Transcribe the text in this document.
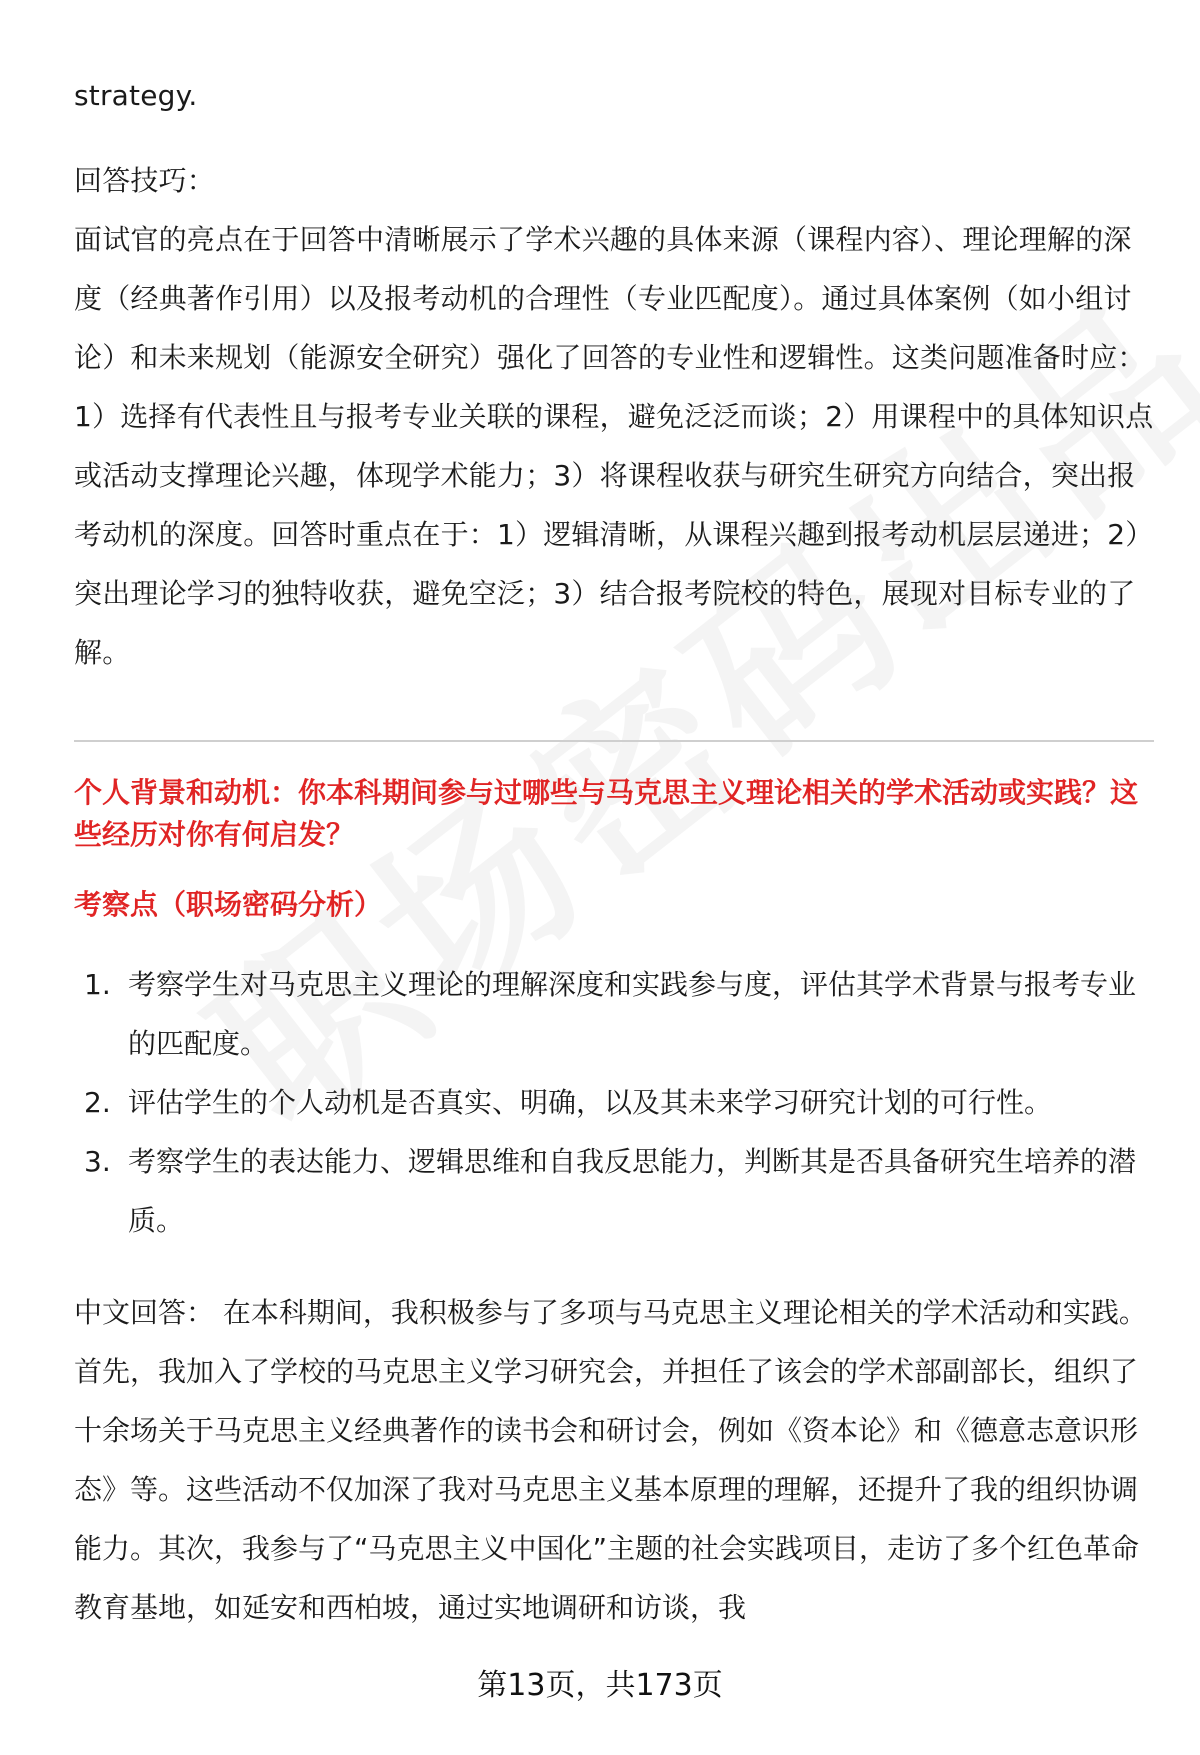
strategy.

回答技巧：

面试官的亮点在于回答中清晰展示了学术兴趣的具体来源（课程内容）、理论理解的深度（经典著作引用）以及报考动机的合理性（专业匹配度）。通过具体案例（如小组讨论）和未来规划（能源安全研究）强化了回答的专业性和逻辑性。这类问题准备时应：1）选择有代表性且与报考专业关联的课程，避免泛泛而谈；2）用课程中的具体知识点或活动支撑理论兴趣，体现学术能力；3）将课程收获与研究生研究方向结合，突出报考动机的深度。回答时重点在于：1）逻辑清晰，从课程兴趣到报考动机层层递进；2）突出理论学习的独特收获，避免空泛；3）结合报考院校的特色，展现对目标专业的了解。

个人背景和动机：你本科期间参与过哪些与马克思主义理论相关的学术活动或实践？这些经历对你有何启发？

考察点（职场密码分析）

1. 考察学生对马克思主义理论的理解深度和实践参与度，评估其学术背景与报考专业的匹配度。
2. 评估学生的个人动机是否真实、明确，以及其未来学习研究计划的可行性。
3. 考察学生的表达能力、逻辑思维和自我反思能力，判断其是否具备研究生培养的潜质。

中文回答： 在本科期间，我积极参与了多项与马克思主义理论相关的学术活动和实践。首先，我加入了学校的马克思主义学习研究会，并担任了该会的学术部副部长，组织了十余场关于马克思主义经典著作的读书会和研讨会，例如《资本论》和《德意志意识形态》等。这些活动不仅加深了我对马克思主义基本原理的理解，还提升了我的组织协调能力。其次，我参与了“马克思主义中国化”主题的社会实践项目，走访了多个红色革命教育基地，如延安和西柏坡，通过实地调研和访谈，我

第13页，共173页
